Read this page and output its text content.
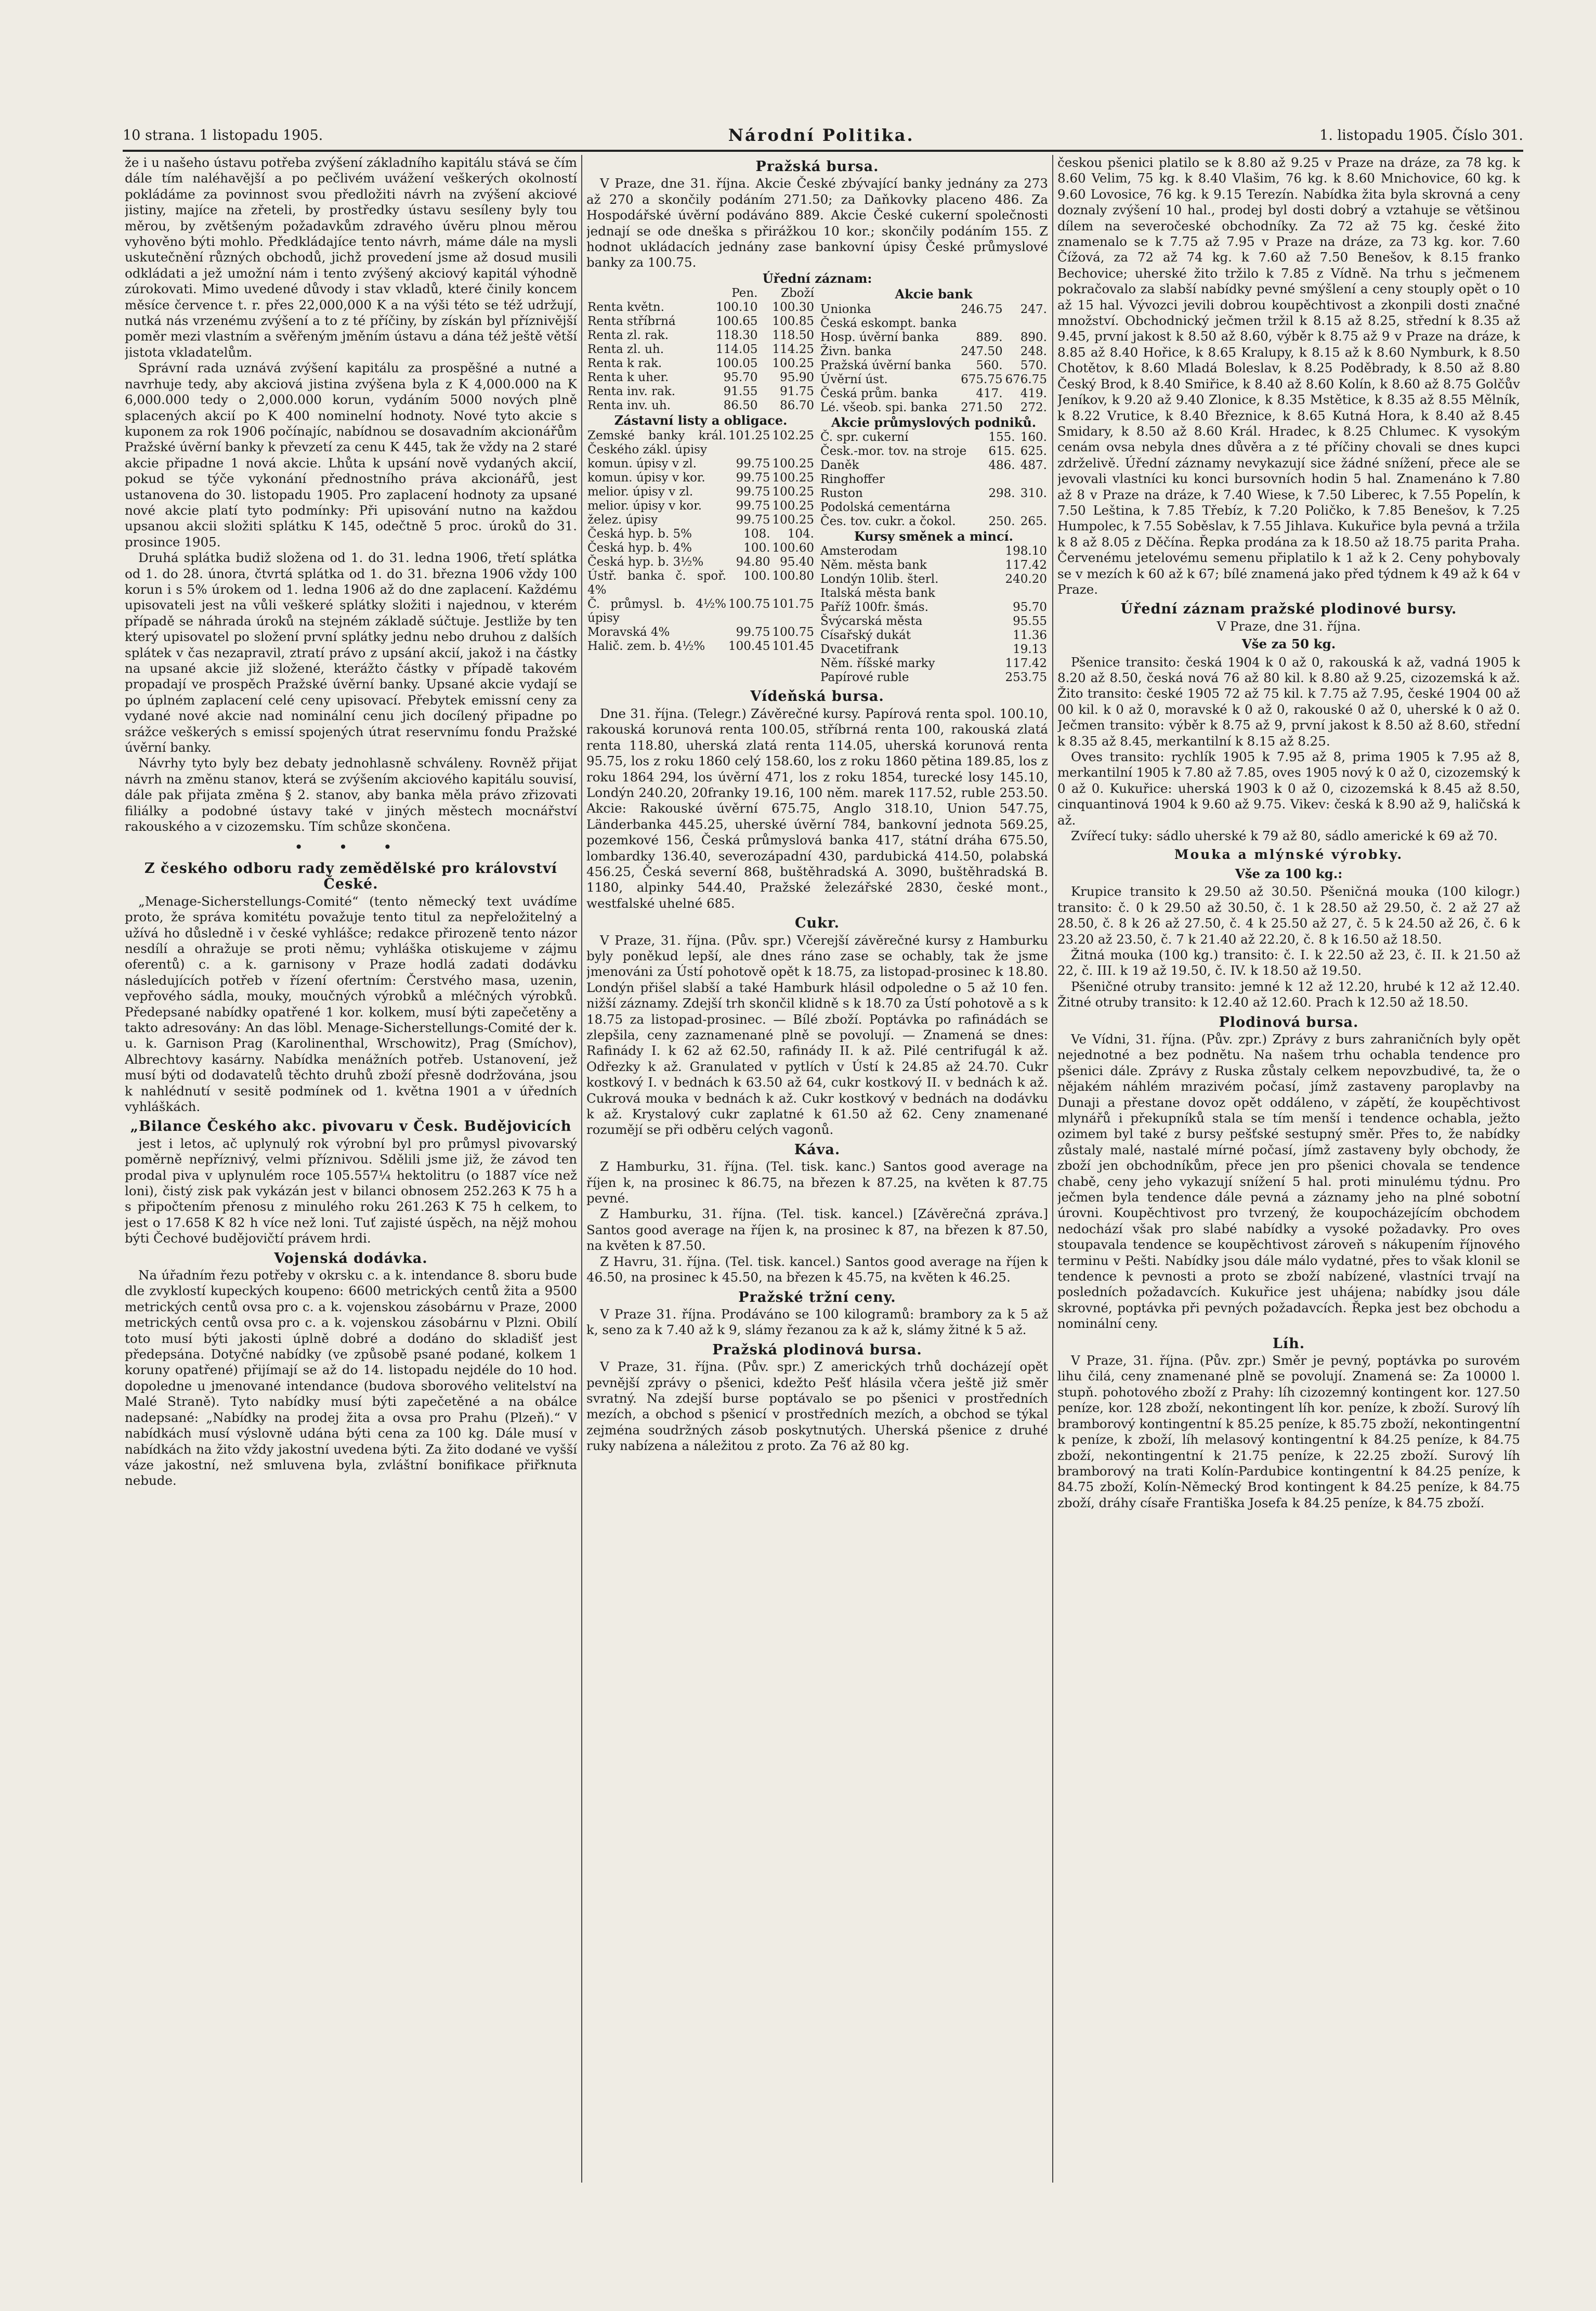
10 strana. 1 listopadu 1905.	Národní Politika.	1. listopadu 1905. Číslo 301.

že i u našeho ústavu potřeba zvýšení základního kapitálu stává se čím dále tím naléhavější a po pečlivém uvážení veškerých okolností pokládáme za povinnost svou předložiti návrh na zvýšení akciové jistiny, majíce na zřeteli, by prostředky ústavu sesíleny byly tou měrou, by zvětšeným požadavkům zdravého úvěru plnou měrou vyhověno býti mohlo. Předkládajíce tento návrh, máme dále na mysli uskutečnění různých obchodů, jichž provedení jsme až dosud musili odkládati a jež umožní nám i tento zvýšený akciový kapitál výhodně zúrokovati. Mimo uvedené důvody i stav vkladů, které činily koncem měsíce července t. r. přes 22,000,000 K a na výši této se též udržují, nutká nás vrzenému zvýšení a to z té příčiny, by získán byl příznivější poměr mezi vlastním a svěřeným jměním ústavu a dána též ještě větší jistota vkladatelům.

Správní rada uznává zvýšení kapitálu za prospěšné a nutné a navrhuje tedy, aby akciová jistina zvýšena byla z K 4,000.000 na K 6,000.000 tedy o 2,000.000 korun, vydáním 5000 nových plně splacených akcií po K 400 nominelní hodnoty. Nové tyto akcie s kuponem za rok 1906 počínajíc, nabídnou se dosavadním akcionářům Pražské úvěrní banky k převzetí za cenu K 445, tak že vždy na 2 staré akcie připadne 1 nová akcie. Lhůta k upsání nově vydaných akcií, pokud se týče vykonání přednostního práva akcionářů, jest ustanovena do 30. listopadu 1905. Pro zaplacení hodnoty za upsané nové akcie platí tyto podmínky: Při upisování nutno na každou upsanou akcii složiti splátku K 145, odečtně 5 proc. úroků do 31. prosince 1905.

Druhá splátka budiž složena od 1. do 31. ledna 1906, třetí splátka od 1. do 28. února, čtvrtá splátka od 1. do 31. března 1906 vždy 100 korun i s 5% úrokem od 1. ledna 1906 až do dne zaplacení. Každému upisovateli jest na vůli veškeré splátky složiti i najednou, v kterém případě se náhrada úroků na stejném základě súčtuje. Jestliže by ten který upisovatel po složení první splátky jednu nebo druhou z dalších splátek v čas nezapravil, ztratí právo z upsání akcií, jakož i na částky na upsané akcie již složené, kterážto částky v případě takovém propadají ve prospěch Pražské úvěrní banky. Upsané akcie vydají se po úplném zaplacení celé ceny upisovací. Přebytek emissní ceny za vydané nové akcie nad nominální cenu jich docílený připadne po srážce veškerých s emissí spojených útrat reservnímu fondu Pražské úvěrní banky.

Návrhy tyto byly bez debaty jednohlasně schváleny. Rovněž přijat návrh na změnu stanov, která se zvýšením akciového kapitálu souvisí, dále pak přijata změna § 2. stanov, aby banka měla právo zřizovati filiálky a podobné ústavy také v jiných městech mocnářství rakouského a v cizozemsku. Tím schůze skončena.

• • •
Z českého odboru rady zemědělské pro království České.

„Menage-Sicherstellungs-Comité“ (tento německý text uvádíme proto, že správa komitétu považuje tento titul za nepřeložitelný a užívá ho důsledně i v české vyhlášce; redakce přirozeně tento názor nesdílí a ohražuje se proti němu; vyhláška otiskujeme v zájmu oferentů) c. a k. garnisony v Praze hodlá zadati dodávku následujících potřeb v řízení ofertním: Čerstvého masa, uzenin, vepřového sádla, mouky, moučných výrobků a mléčných výrobků. Předepsané nabídky opatřené 1 kor. kolkem, musí býti zapečetěny a takto adresovány: An das löbl. Menage-Sicherstellungs-Comité der k. u. k. Garnison Prag (Karolinenthal, Wrschowitz), Prag (Smíchov), Albrechtovy kasárny. Nabídka menážních potřeb. Ustanovení, jež musí býti od dodavatelů těchto druhů zboží přesně dodržována, jsou k nahlédnutí v sesitě podmínek od 1. května 1901 a v úředních vyhláškách.

„Bilance Českého akc. pivovaru v Česk. Budějovicích

jest i letos, ač uplynulý rok výrobní byl pro průmysl pivovarský poměrně nepříznivý, velmi příznivou. Sdělili jsme již, že závod ten prodal piva v uplynulém roce 105.557¼ hektolitru (o 1887 více než loni), čistý zisk pak vykázán jest v bilanci obnosem 252.263 K 75 h a s připočtením přenosu z minulého roku 261.263 K 75 h celkem, to jest o 17.658 K 82 h více než loni. Tuť zajisté úspěch, na nějž mohou býti Čechové budějovičtí právem hrdi.

Vojenská dodávka.

Na úřadním řezu potřeby v okrsku c. a k. intendance 8. sboru bude dle zvyklostí kupeckých koupeno: 6600 metrických centů žita a 9500 metrických centů ovsa pro c. a k. vojenskou zásobárnu v Praze, 2000 metrických centů ovsa pro c. a k. vojenskou zásobárnu v Plzni. Obilí toto musí býti jakosti úplně dobré a dodáno do skladišť jest předepsána. Dotyčné nabídky (ve způsobě psané podané, kolkem 1 koruny opatřené) přijímají se až do 14. listopadu nejdéle do 10 hod. dopoledne u jmenované intendance (budova sborového velitelství na Malé Straně). Tyto nabídky musí býti zapečetěné a na obálce nadepsané: „Nabídky na prodej žita a ovsa pro Prahu (Plzeň).“ V nabídkách musí výslovně udána býti cena za 100 kg. Dále musí v nabídkách na žito vždy jakostní uvedena býti. Za žito dodané ve vyšší váze jakostní, než smluvena byla, zvláštní bonifikace přiřknuta nebude.

Pražská bursa.

V Praze, dne 31. října. Akcie České zbývající banky jednány za 273 až 270 a skončily podáním 271.50; za Daňkovky placeno 486. Za Hospodářské úvěrní podáváno 889. Akcie České cukerní společnosti jednají se ode dneška s přirážkou 10 kor.; skončily podáním 155. Z hodnot ukládacích jednány zase bankovní úpisy České průmyslové banky za 100.75.

Úřední záznam:
	Pen.	Zboží
Renta květn.	100.10	100.30
Renta stříbrná	100.65	100.85
Renta zl. rak.	118.30	118.50
Renta zl. uh.	114.05	114.25
Renta k rak.	100.05	100.25
Renta k uher.	95.70	95.90
Renta inv. rak.	91.55	91.75
Renta inv. uh.	86.50	86.70
Zástavní listy a obligace.
Zemské banky král. Českého zákl. úpisy	101.25	102.25
komun. úpisy v zl.	99.75	100.25
komun. úpisy v kor.	99.75	100.25
melior. úpisy v zl.	99.75	100.25
melior. úpisy v kor.	99.75	100.25
želez. úpisy	99.75	100.25
Česká hyp. b. 5%	108.	104.
Česká hyp. b. 4%	100.	100.60
Česká hyp. b. 3½%	94.80	95.40
Ústř. banka č. spoř. 4%	100.	100.80
Č. průmysl. b. 4½% úpisy	100.75	101.75
Moravská 4%	99.75	100.75
Halič. zem. b. 4½%	100.45	101.45
Akcie bank
Unionka	246.75	247.
Česká eskompt. banka		
Hosp. úvěrní banka	889.	890.
Živn. banka	247.50	248.
Pražská úvěrní banka	560.	570.
Úvěrní úst.	675.75	676.75
Česká prům. banka	417.	419.
Lé. všeob. spi. banka	271.50	272.
Akcie průmyslových podniků.
Č. spr. cukerní	155.	160.
Česk.-mor. tov. na stroje	615.	625.
Daněk	486.	487.
Ringhoffer		
Ruston	298.	310.
Podolská cementárna		
Čes. tov. cukr. a čokol.	250.	265.
Kursy směnek a mincí.
Amsterodam	198.10
Něm. města bank	117.42
Londýn 10lib. šterl.	240.20
Italská města bank	
Paříž 100fr. šmás.	95.70
Švýcarská města	95.55
Císařský dukát	11.36
Dvacetifrank	19.13
Něm. říšské marky	117.42
Papírové ruble	253.75
Vídeňská bursa.

Dne 31. října. (Telegr.) Závěrečné kursy. Papírová renta spol. 100.10, rakouská korunová renta 100.05, stříbrná renta 100, rakouská zlatá renta 118.80, uherská zlatá renta 114.05, uherská korunová renta 95.75, los z roku 1860 celý 158.60, los z roku 1860 pětina 189.85, los z roku 1864 294, los úvěrní 471, los z roku 1854, turecké losy 145.10, Londýn 240.20, 20franky 19.16, 100 něm. marek 117.52, ruble 253.50. Akcie: Rakouské úvěrní 675.75, Anglo 318.10, Union 547.75, Länderbanka 445.25, uherské úvěrní 784, bankovní jednota 569.25, pozemkové 156, Česká průmyslová banka 417, státní dráha 675.50, lombardky 136.40, severozápadní 430, pardubická 414.50, polabská 456.25, Česká severní 868, buštěhradská A. 3090, buštěhradská B. 1180, alpinky 544.40, Pražské železářské 2830, české mont., westfalské uhelné 685.

Cukr.

V Praze, 31. října. (Pův. spr.) Včerejší závěrečné kursy z Hamburku byly poněkud lepší, ale dnes ráno zase se ochably, tak že jsme jmenováni za Ústí pohotově opět k 18.75, za listopad-prosinec k 18.80. Londýn přišel slabší a také Hamburk hlásil odpoledne o 5 až 10 fen. nižší záznamy. Zdejší trh skončil klidně s k 18.70 za Ústí pohotově a s k 18.75 za listopad-prosinec. — Bílé zboží. Poptávka po rafinádách se zlepšila, ceny zaznamenané plně se povolují. — Znamená se dnes: Rafinády I. k 62 až 62.50, rafinády II. k až. Pilé centrifugál k až. Odřezky k až. Granulated v pytlích v Ústí k 24.85 až 24.70. Cukr kostkový I. v bednách k 63.50 až 64, cukr kostkový II. v bednách k až. Cukrová mouka v bednách k až. Cukr kostkový v bednách na dodávku k až. Krystalový cukr zaplatné k 61.50 až 62. Ceny znamenané rozumějí se při odběru celých vagonů.

Káva.

Z Hamburku, 31. října. (Tel. tisk. kanc.) Santos good average na říjen k, na prosinec k 86.75, na březen k 87.25, na květen k 87.75 pevné.

Z Hamburku, 31. října. (Tel. tisk. kancel.) [Závěrečná zpráva.] Santos good average na říjen k, na prosinec k 87, na březen k 87.50, na květen k 87.50.

Z Havru, 31. října. (Tel. tisk. kancel.) Santos good average na říjen k 46.50, na prosinec k 45.50, na březen k 45.75, na květen k 46.25.

Pražské tržní ceny.

V Praze 31. října. Prodáváno se 100 kilogramů: brambory za k 5 až k, seno za k 7.40 až k 9, slámy řezanou za k až k, slámy žitné k 5 až.

Pražská plodinová bursa.

V Praze, 31. října. (Pův. spr.) Z amerických trhů docházejí opět pevnější zprávy o pšenici, kdežto Pešť hlásila včera ještě již směr svratný. Na zdejší burse poptávalo se po pšenici v prostředních mezích, a obchod s pšenicí v prostředních mezích, a obchod se týkal zejména soudržných zásob poskytnutých. Uherská pšenice z druhé ruky nabízena a náležitou z proto. Za 76 až 80 kg.

českou pšenici platilo se k 8.80 až 9.25 v Praze na dráze, za 78 kg. k 8.60 Velim, 75 kg. k 8.40 Vlašim, 76 kg. k 8.60 Mnichovice, 60 kg. k 9.60 Lovosice, 76 kg. k 9.15 Terezín. Nabídka žita byla skrovná a ceny doznaly zvýšení 10 hal., prodej byl dosti dobrý a vztahuje se většinou dílem na severočeské obchodníky. Za 72 až 75 kg. české žito znamenalo se k 7.75 až 7.95 v Praze na dráze, za 73 kg. kor. 7.60 Čížová, za 72 až 74 kg. k 7.60 až 7.50 Benešov, k 8.15 franko Bechovice; uherské žito tržilo k 7.85 z Vídně. Na trhu s ječmenem pokračovalo za slabší nabídky pevné smýšlení a ceny stouply opět o 10 až 15 hal. Vývozci jevili dobrou koupěchtivost a zkonpili dosti značné množství. Obchodnický ječmen tržil k 8.15 až 8.25, střední k 8.35 až 9.45, první jakost k 8.50 až 8.60, výběr k 8.75 až 9 v Praze na dráze, k 8.85 až 8.40 Hořice, k 8.65 Kralupy, k 8.15 až k 8.60 Nymburk, k 8.50 Chotětov, k 8.60 Mladá Boleslav, k 8.25 Poděbrady, k 8.50 až 8.80 Český Brod, k 8.40 Smiřice, k 8.40 až 8.60 Kolín, k 8.60 až 8.75 Golčův Jeníkov, k 9.20 až 9.40 Zlonice, k 8.35 Mstětice, k 8.35 až 8.55 Mělník, k 8.22 Vrutice, k 8.40 Březnice, k 8.65 Kutná Hora, k 8.40 až 8.45 Smidary, k 8.50 až 8.60 Král. Hradec, k 8.25 Chlumec. K vysokým cenám ovsa nebyla dnes důvěra a z té příčiny chovali se dnes kupci zdrželivě. Úřední záznamy nevykazují sice žádné snížení, přece ale se jevovali vlastníci ku konci bursovních hodin 5 hal. Znamenáno k 7.80 až 8 v Praze na dráze, k 7.40 Wiese, k 7.50 Liberec, k 7.55 Popelín, k 7.50 Leština, k 7.85 Třebíz, k 7.20 Poličko, k 7.85 Benešov, k 7.25 Humpolec, k 7.55 Soběslav, k 7.55 Jihlava. Kukuřice byla pevná a tržila k 8 až 8.05 z Děčína. Řepka prodána za k 18.50 až 18.75 parita Praha. Červenému jetelovému semenu připlatilo k 1 až k 2. Ceny pohybovaly se v mezích k 60 až k 67; bílé znamená jako před týdnem k 49 až k 64 v Praze.

Úřední záznam pražské plodinové bursy.
V Praze, dne 31. října.
Vše za 50 kg.

Pšenice transito: česká 1904 k 0 až 0, rakouská k až, vadná 1905 k 8.20 až 8.50, česká nová 76 až 80 kil. k 8.80 až 9.25, cizozemská k až. Žito transito: české 1905 72 až 75 kil. k 7.75 až 7.95, české 1904 00 až 00 kil. k 0 až 0, moravské k 0 až 0, rakouské 0 až 0, uherské k 0 až 0. Ječmen transito: výběr k 8.75 až 9, první jakost k 8.50 až 8.60, střední k 8.35 až 8.45, merkantilní k 8.15 až 8.25.

Oves transito: rychlík 1905 k 7.95 až 8, prima 1905 k 7.95 až 8, merkantilní 1905 k 7.80 až 7.85, oves 1905 nový k 0 až 0, cizozemský k 0 až 0. Kukuřice: uherská 1903 k 0 až 0, cizozemská k 8.45 až 8.50, cinquantinová 1904 k 9.60 až 9.75. Vikev: česká k 8.90 až 9, haličská k až.

Zvířecí tuky: sádlo uherské k 79 až 80, sádlo americké k 69 až 70.

Mouka a mlýnské výrobky.
Vše za 100 kg.:

Krupice transito k 29.50 až 30.50. Pšeničná mouka (100 kilogr.) transito: č. 0 k 29.50 až 30.50, č. 1 k 28.50 až 29.50, č. 2 až 27 až 28.50, č. 8 k 26 až 27.50, č. 4 k 25.50 až 27, č. 5 k 24.50 až 26, č. 6 k 23.20 až 23.50, č. 7 k 21.40 až 22.20, č. 8 k 16.50 až 18.50.

Žitná mouka (100 kg.) transito: č. I. k 22.50 až 23, č. II. k 21.50 až 22, č. III. k 19 až 19.50, č. IV. k 18.50 až 19.50.

Pšeničné otruby transito: jemné k 12 až 12.20, hrubé k 12 až 12.40. Žitné otruby transito: k 12.40 až 12.60. Prach k 12.50 až 18.50.

Plodinová bursa.

Ve Vídni, 31. října. (Pův. zpr.) Zprávy z burs zahraničních byly opět nejednotné a bez podnětu. Na našem trhu ochabla tendence pro pšenici dále. Zprávy z Ruska zůstaly celkem nepovzbudivé, ta, že o nějakém náhlém mrazivém počasí, jímž zastaveny paroplavby na Dunaji a přestane dovoz opět oddáleno, v zápětí, že koupěchtivost mlynářů i překupníků stala se tím menší i tendence ochabla, ježto ozimem byl také z bursy pešťské sestupný směr. Přes to, že nabídky zůstaly malé, nastalé mírné počasí, jímž zastaveny byly obchody, že zboží jen obchodníkům, přece jen pro pšenici chovala se tendence chabě, ceny jeho vykazují snížení 5 hal. proti minulému týdnu. Pro ječmen byla tendence dále pevná a záznamy jeho na plné sobotní úrovni. Koupěchtivost pro tvrzený, že koupocházejícím obchodem nedochází však pro slabé nabídky a vysoké požadavky. Pro oves stoupavala tendence se koupěchtivost zároveň s nákupením říjnového terminu v Pešti. Nabídky jsou dále málo vydatné, přes to však klonil se tendence k pevnosti a proto se zboží nabízené, vlastníci trvají na posledních požadavcích. Kukuřice jest uhájena; nabídky jsou dále skrovné, poptávka při pevných požadavcích. Řepka jest bez obchodu a nominální ceny.

Líh.

V Praze, 31. října. (Pův. zpr.) Směr je pevný, poptávka po surovém lihu čilá, ceny znamenané plně se povolují. Znamená se: Za 10000 l. stupň. pohotového zboží z Prahy: líh cizozemný kontingent kor. 127.50 peníze, kor. 128 zboží, nekontingent líh kor. peníze, k zboží. Surový líh bramborový kontingentní k 85.25 peníze, k 85.75 zboží, nekontingentní k peníze, k zboží, líh melasový kontingentní k 84.25 peníze, k 84.75 zboží, nekontingentní k 21.75 peníze, k 22.25 zboží. Surový líh bramborový na trati Kolín-Pardubice kontingentní k 84.25 peníze, k 84.75 zboží, Kolín-Německý Brod kontingent k 84.25 peníze, k 84.75 zboží, dráhy císaře Františka Josefa k 84.25 peníze, k 84.75 zboží.
